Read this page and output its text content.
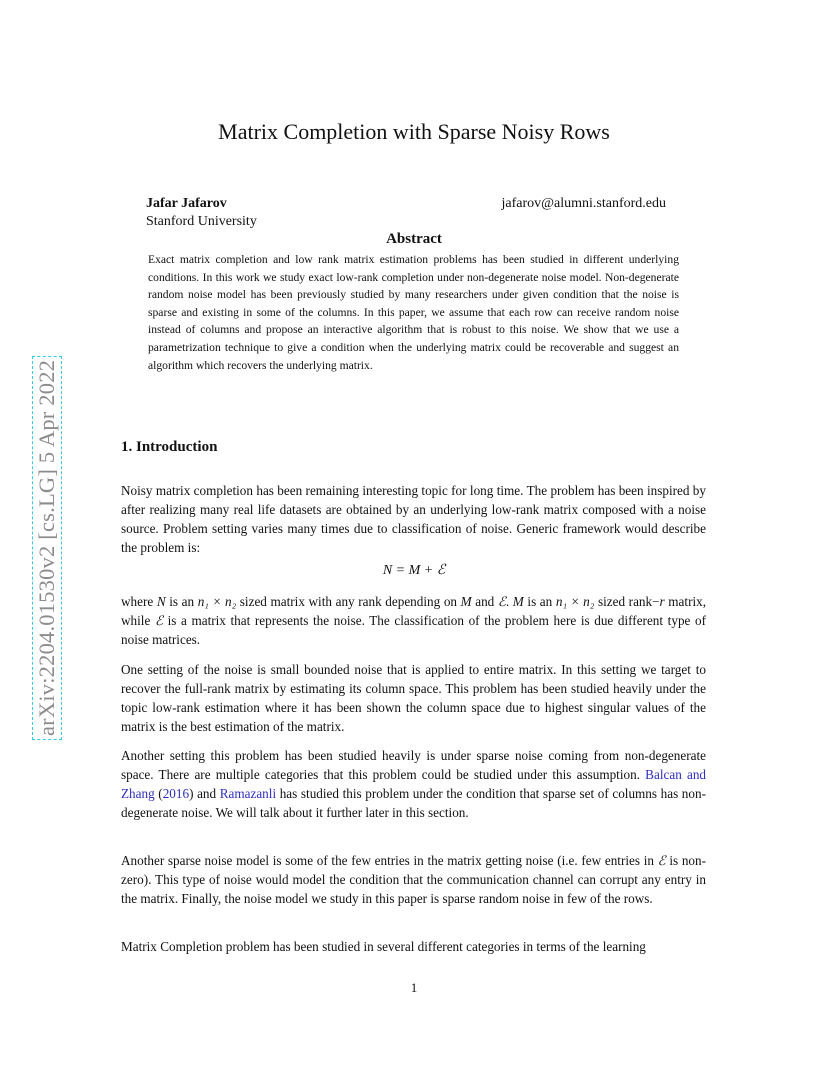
arXiv:2204.01530v2 [cs.LG] 5 Apr 2022
Matrix Completion with Sparse Noisy Rows
Jafar Jafarov
Stanford University
jafarov@alumni.stanford.edu
Abstract

Exact matrix completion and low rank matrix estimation problems has been studied in different underlying conditions. In this work we study exact low-rank completion under non-degenerate noise model. Non-degenerate random noise model has been previously studied by many researchers under given condition that the noise is sparse and existing in some of the columns. In this paper, we assume that each row can receive random noise instead of columns and propose an interactive algorithm that is robust to this noise. We show that we use a parametrization technique to give a condition when the underlying matrix could be recoverable and suggest an algorithm which recovers the underlying matrix.

1. Introduction

Noisy matrix completion has been remaining interesting topic for long time. The problem has been inspired by after realizing many real life datasets are obtained by an underlying low-rank matrix composed with a noise source. Problem setting varies many times due to classification of noise. Generic framework would describe the problem is:

N = M + ℰ

where N is an n₁ × n₂ sized matrix with any rank depending on M and ℰ. M is an n₁ × n₂ sized rank−r matrix, while ℰ is a matrix that represents the noise. The classification of the problem here is due different type of noise matrices.

One setting of the noise is small bounded noise that is applied to entire matrix. In this setting we target to recover the full-rank matrix by estimating its column space. This problem has been studied heavily under the topic low-rank estimation where it has been shown the column space due to highest singular values of the matrix is the best estimation of the matrix.

Another setting this problem has been studied heavily is under sparse noise coming from non-degenerate space. There are multiple categories that this problem could be studied under this assumption. Balcan and Zhang (2016) and Ramazanli has studied this problem under the condition that sparse set of columns has non-degenerate noise. We will talk about it further later in this section.

Another sparse noise model is some of the few entries in the matrix getting noise (i.e. few entries in ℰ is non-zero). This type of noise would model the condition that the communication channel can corrupt any entry in the matrix. Finally, the noise model we study in this paper is sparse random noise in few of the rows.

Matrix Completion problem has been studied in several different categories in terms of the learning

1
